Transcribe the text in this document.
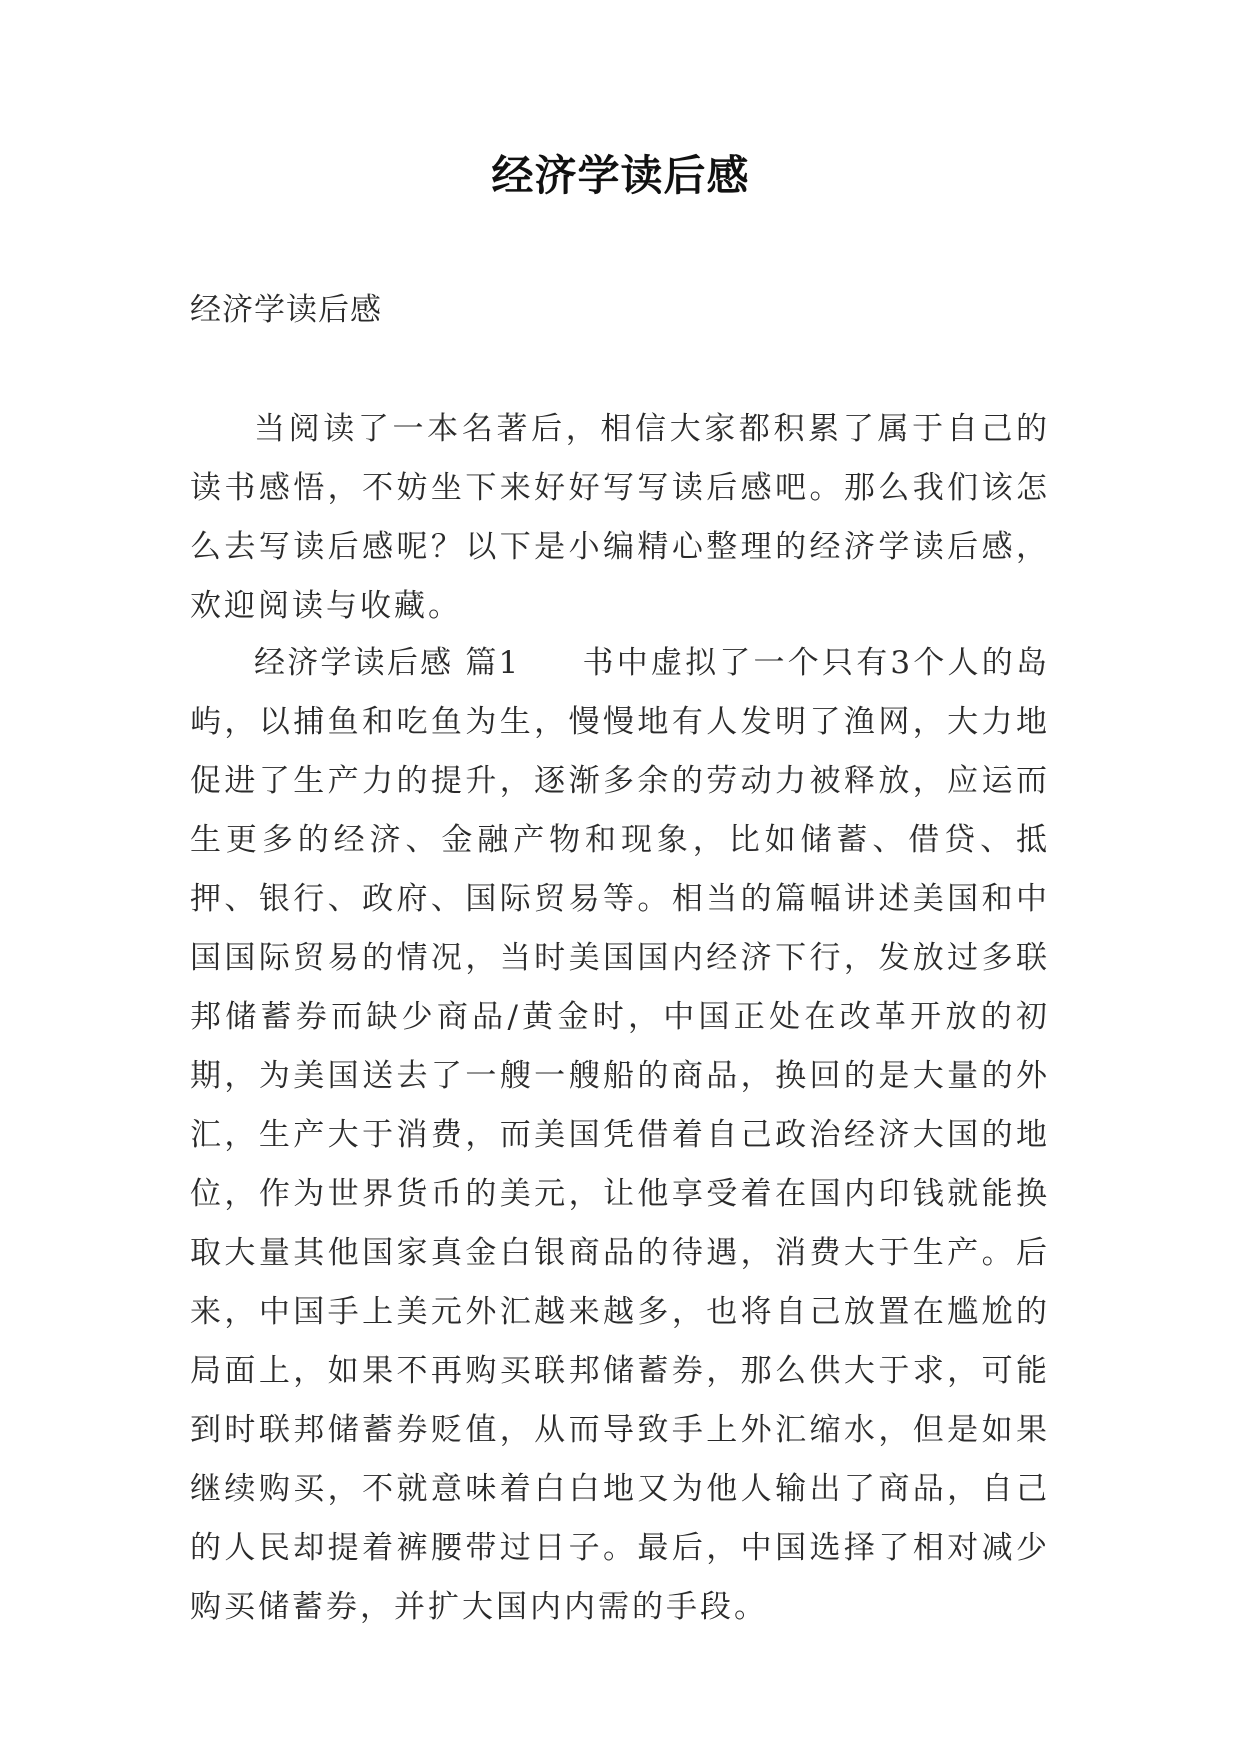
经济学读后感
经济学读后感
当阅读了一本名著后，相信大家都积累了属于自己的读书感悟，不妨坐下来好好写写读后感吧。那么我们该怎么去写读后感呢？以下是小编精心整理的经济学读后感，欢迎阅读与收藏。
经济学读后感 篇1 书中虚拟了一个只有3个人的岛屿，以捕鱼和吃鱼为生，慢慢地有人发明了渔网，大力地促进了生产力的提升，逐渐多余的劳动力被释放，应运而生更多的经济、金融产物和现象，比如储蓄、借贷、抵押、银行、政府、国际贸易等。相当的篇幅讲述美国和中国国际贸易的情况，当时美国国内经济下行，发放过多联邦储蓄券而缺少商品/黄金时，中国正处在改革开放的初期，为美国送去了一艘一艘船的商品，换回的是大量的外汇，生产大于消费，而美国凭借着自己政治经济大国的地位，作为世界货币的美元，让他享受着在国内印钱就能换取大量其他国家真金白银商品的待遇，消费大于生产。后来，中国手上美元外汇越来越多，也将自己放置在尴尬的局面上，如果不再购买联邦储蓄券，那么供大于求，可能到时联邦储蓄券贬值，从而导致手上外汇缩水，但是如果继续购买，不就意味着白白地又为他人输出了商品，自己的人民却提着裤腰带过日子。最后，中国选择了相对减少购买储蓄券，并扩大国内内需的手段。
